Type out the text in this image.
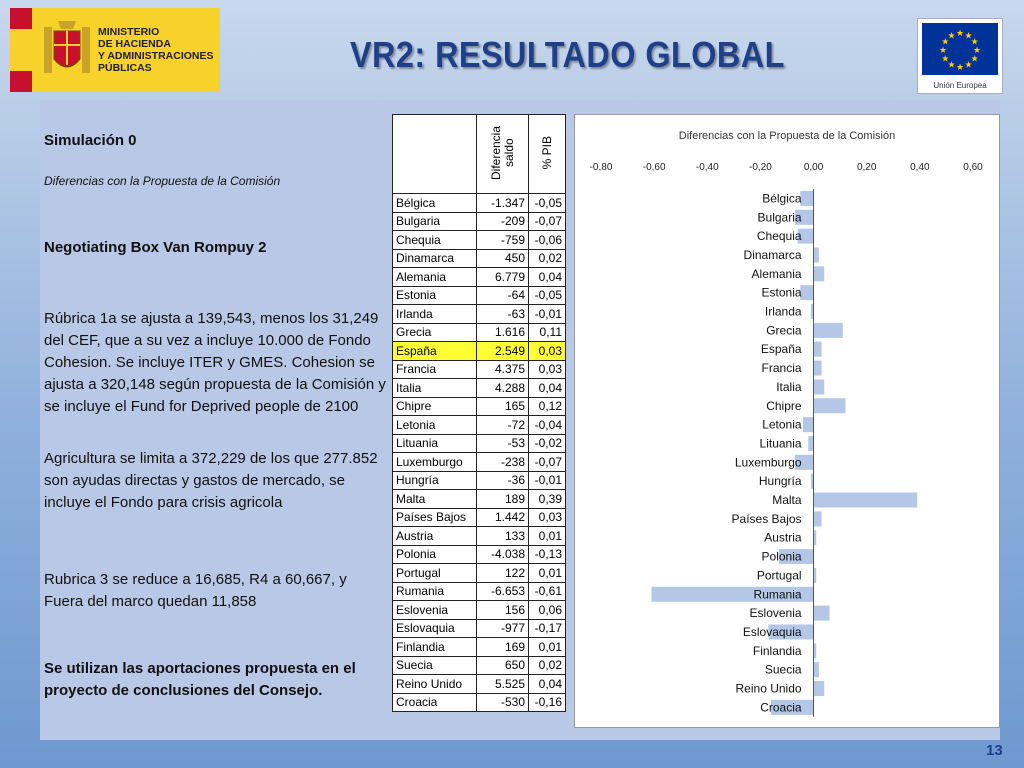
MINISTERIO
DE HACIENDA
Y ADMINISTRACIONES
PÚBLICAS	VR2: RESULTADO GLOBAL	★
★
★
★
★
★
★
★
★ ★ ★
★
Unión Europea
Simulación 0
Diferencias con la Propuesta de la Comisión
Negotiating Box Van Rompuy 2
Rúbrica 1a se ajusta a 139,543, menos los 31,249 del CEF, que a su vez a incluye 10.000 de Fondo Cohesion. Se incluye ITER y GMES. Cohesion se ajusta a 320,148 según propuesta de la Comisión y se incluye el Fund for Deprived people de 2100
Agricultura se limita a 372,229 de los que 277.852 son ayudas directas y gastos de mercado, se incluye el Fondo para crisis agricola
Rubrica 3 se reduce a 16,685, R4 a 60,667, y Fuera del marco quedan 11,858
Se utilizan las aportaciones propuesta en el proyecto de conclusiones del Consejo.
	Diferencia saldo	% PIB
Bélgica	-1.347	-0,05
Bulgaria	-209	-0,07
Chequia	-759	-0,06
Dinamarca	450	0,02
Alemania	6.779	0,04
Estonia	-64	-0,05
Irlanda	-63	-0,01
Grecia	1.616	0,11
España	2.549	0,03
Francia	4.375	0,03
Italia	4.288	0,04
Chipre	165	0,12
Letonia	-72	-0,04
Lituania	-53	-0,02
Luxemburgo	-238	-0,07
Hungría	-36	-0,01
Malta	189	0,39
Países Bajos	1.442	0,03
Austria	133	0,01
Polonia	-4.038	-0,13
Portugal	122	0,01
Rumania	-6.653	-0,61
Eslovenia	156	0,06
Eslovaquia	-977	-0,17
Finlandia	169	0,01
Suecia	650	0,02
Reino Unido	5.525	0,04
Croacia	-530	-0,16
Diferencias con la Propuesta de la Comisión
-0,80	-0,60	-0,40	-0,20	0,00	0,20	0,40	0,60
Bélgica
Bulgaria
Chequia
Dinamarca
Alemania
Estonia
Irlanda
Grecia
España
Francia
Italia
Chipre
Letonia
Lituania
Luxemburgo
Hungría
Malta
Países Bajos
Austria
Polonia
Portugal
Rumania
Eslovenia
Eslovaquia
Finlandia
Suecia
Reino Unido
Croacia
13
